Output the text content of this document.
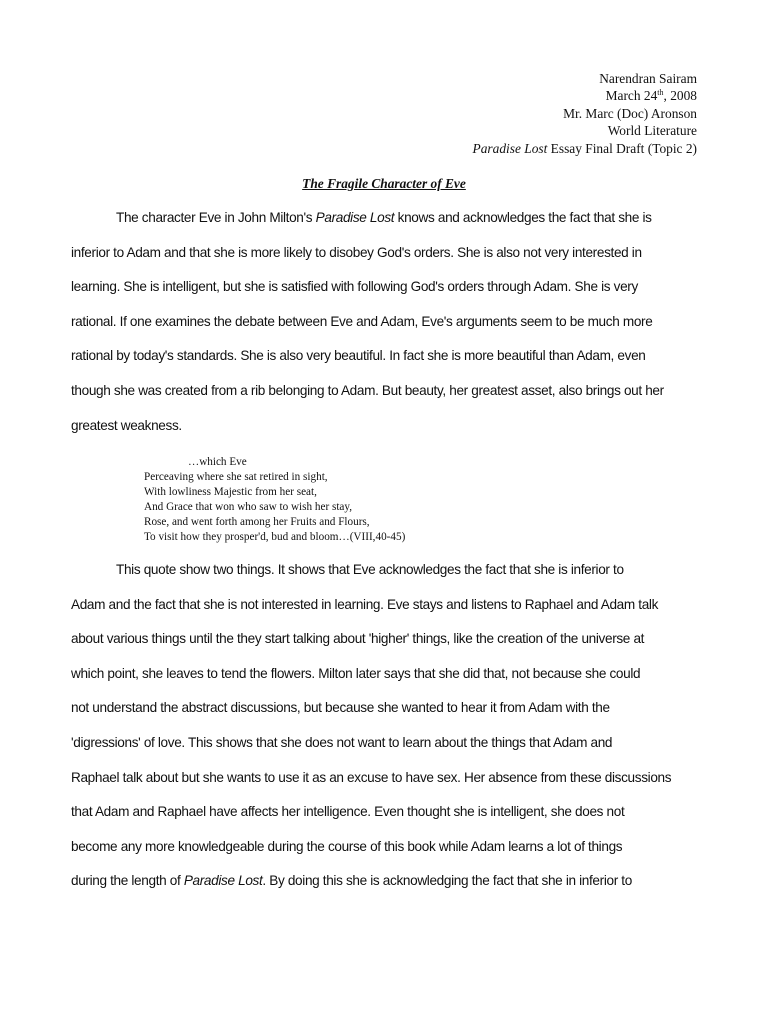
Narendran Sairam
March 24th, 2008
Mr. Marc (Doc) Aronson
World Literature
Paradise Lost Essay Final Draft (Topic 2)
The Fragile Character of Eve
The character Eve in John Milton's Paradise Lost knows and acknowledges the fact that she is
inferior to Adam and that she is more likely to disobey God's orders. She is also not very interested in
learning. She is intelligent, but she is satisfied with following God's orders through Adam. She is very
rational. If one examines the debate between Eve and Adam, Eve's arguments seem to be much more
rational by today's standards. She is also very beautiful. In fact she is more beautiful than Adam, even
though she was created from a rib belonging to Adam. But beauty, her greatest asset, also brings out her
greatest weakness.
…which Eve
Perceaving where she sat retired in sight,
With lowliness Majestic from her seat,
And Grace that won who saw to wish her stay,
Rose, and went forth among her Fruits and Flours,
To visit how they prosper'd, bud and bloom…(VIII,40-45)
This quote show two things. It shows that Eve acknowledges the fact that she is inferior to
Adam and the fact that she is not interested in learning. Eve stays and listens to Raphael and Adam talk
about various things until the they start talking about 'higher' things, like the creation of the universe at
which point, she leaves to tend the flowers. Milton later says that she did that, not because she could
not understand the abstract discussions, but because she wanted to hear it from Adam with the
'digressions' of love. This shows that she does not want to learn about the things that Adam and
Raphael talk about but she wants to use it as an excuse to have sex. Her absence from these discussions
that Adam and Raphael have affects her intelligence. Even thought she is intelligent, she does not
become any more knowledgeable during the course of this book while Adam learns a lot of things
during the length of Paradise Lost. By doing this she is acknowledging the fact that she in inferior to
